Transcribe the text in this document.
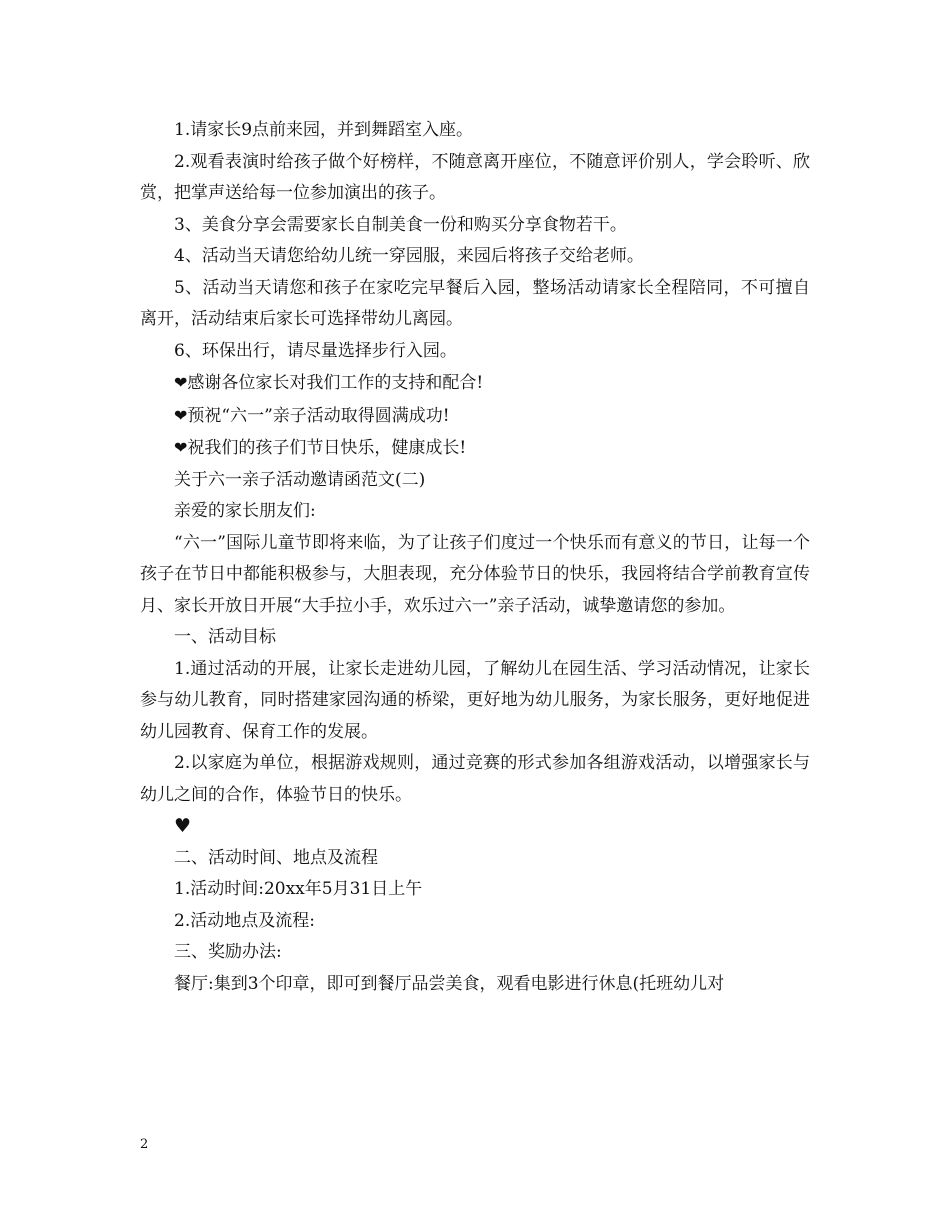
1.请家长9点前来园，并到舞蹈室入座。

2.观看表演时给孩子做个好榜样，不随意离开座位，不随意评价别人，学会聆听、欣赏，把掌声送给每一位参加演出的孩子。

3、美食分享会需要家长自制美食一份和购买分享食物若干。

4、活动当天请您给幼儿统一穿园服，来园后将孩子交给老师。

5、活动当天请您和孩子在家吃完早餐后入园，整场活动请家长全程陪同，不可擅自离开，活动结束后家长可选择带幼儿离园。

6、环保出行，请尽量选择步行入园。

❤感谢各位家长对我们工作的支持和配合!

❤预祝“六一”亲子活动取得圆满成功!

❤祝我们的孩子们节日快乐，健康成长!

关于六一亲子活动邀请函范文(二)

亲爱的家长朋友们:

“六一”国际儿童节即将来临，为了让孩子们度过一个快乐而有意义的节日，让每一个孩子在节日中都能积极参与，大胆表现，充分体验节日的快乐，我园将结合学前教育宣传月、家长开放日开展“大手拉小手，欢乐过六一”亲子活动，诚挚邀请您的参加。

一、活动目标

1.通过活动的开展，让家长走进幼儿园，了解幼儿在园生活、学习活动情况，让家长参与幼儿教育，同时搭建家园沟通的桥梁，更好地为幼儿服务，为家长服务，更好地促进幼儿园教育、保育工作的发展。

2.以家庭为单位，根据游戏规则，通过竞赛的形式参加各组游戏活动，以增强家长与幼儿之间的合作，体验节日的快乐。

♥

二、活动时间、地点及流程

1.活动时间:20xx年5月31日上午

2.活动地点及流程:

三、奖励办法:

餐厅:集到3个印章，即可到餐厅品尝美食，观看电影进行休息(托班幼儿对

2
